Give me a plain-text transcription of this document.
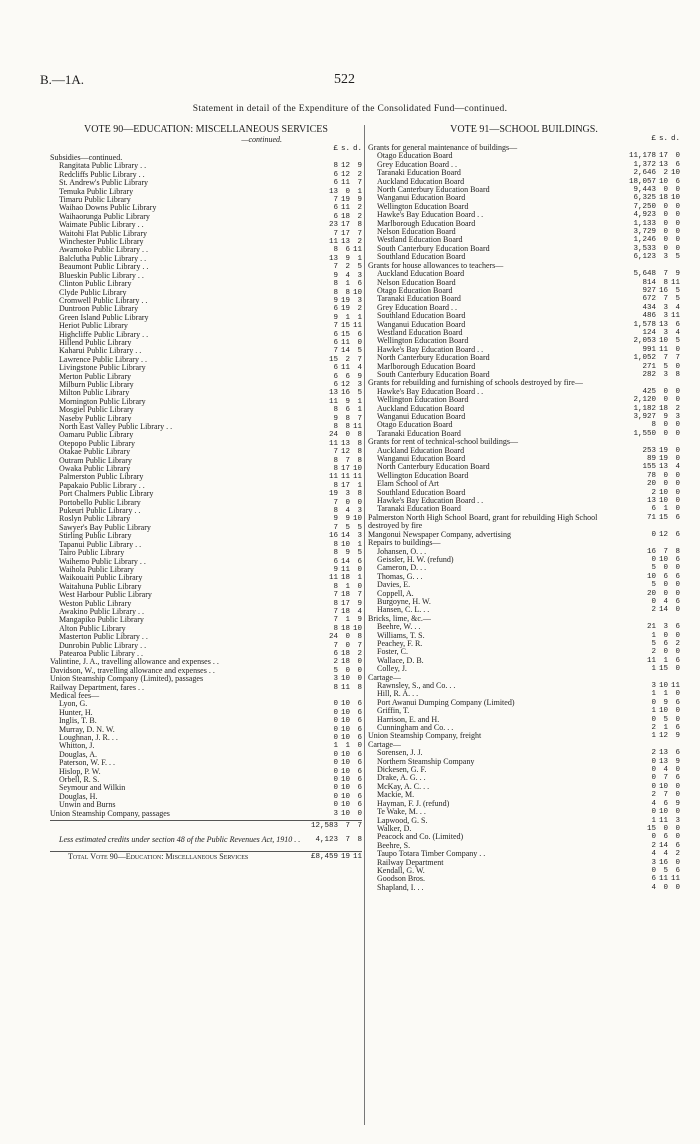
B.—1A.	522
Statement in detail of the Expenditure of the Consolidated Fund—continued.
VOTE 90—EDUCATION: MISCELLANEOUS SERVICES
—continued.
£ s. d.
Subsidies—continued.
Rangitata Public Library . .	8 12 9
Redcliffs Public Library . .	6 12 2
St. Andrew's Public Library	6 11 7
Temuka Public Library	13 0 1
Timaru Public Library	7 19 9
Waihao Downs Public Library	6 11 2
Waihaorunga Public Library	6 18 2
Waimate Public Library . .	23 17 8
Waitohi Flat Public Library	7 17 7
Winchester Public Library	11 13 2
Awamoko Public Library . .	8 6 11
Balclutha Public Library . .	13 9 1
Beaumont Public Library . .	7 2 5
Blueskin Public Library . .	9 4 3
Clinton Public Library	8 1 6
Clyde Public Library	8 8 10
Cromwell Public Library . .	9 19 3
Duntroon Public Library	6 19 2
Green Island Public Library	9 1 1
Heriot Public Library	7 15 11
Highcliffe Public Library . .	6 15 6
Hillend Public Library	6 11 0
Kaharui Public Library . .	7 14 5
Lawrence Public Library . .	15 2 7
Livingstone Public Library	6 11 4
Merton Public Library	6 6 9
Milburn Public Library	6 12 3
Milton Public Library	13 16 5
Mornington Public Library	11 9 1
Mosgiel Public Library	8 6 1
Naseby Public Library	9 8 7
North East Valley Public Library . .	8 8 11
Oamaru Public Library	24 0 8
Otepopo Public Library	11 13 8
Otakae Public Library	7 12 8
Outram Public Library	8 7 8
Owaka Public Library	8 17 10
Palmerston Public Library	11 11 11
Papakaio Public Library . .	8 17 1
Port Chalmers Public Library	19 3 8
Portobello Public Library	7 0 0
Pukeuri Public Library . .	8 4 3
Roslyn Public Library	9 9 10
Sawyer's Bay Public Library	7 5 5
Stirling Public Library	16 14 3
Tapanui Public Library . .	8 10 1
Tairo Public Library	8 9 5
Waihemo Public Library . .	6 14 6
Waihola Public Library	9 11 0
Waikouaiti Public Library	11 18 1
Waitahuna Public Library	8 1 0
West Harbour Public Library	7 18 7
Weston Public Library	8 17 9
Awakino Public Library . .	7 18 4
Mangapiko Public Library	7 1 9
Alton Public Library	8 18 10
Masterton Public Library . .	24 0 8
Dunrobin Public Library . .	7 0 7
Patearoa Public Library . .	6 18 2
Valintine, J. A., travelling allowance and expenses . .	2 18 0
Davidson, W., travelling allowance and expenses . .	5 0 0
Union Steamship Company (Limited), passages	3 10 0
Railway Department, fares . .	8 11 8
Medical fees—
Lyon, G.	0 10 6
Hunter, H.	0 10 6
Inglis, T. B.	0 10 6
Murray, D. N. W.	0 10 6
Loughnan, J. R. . .	0 10 6
Whitton, J.	1 1 0
Douglas, A.	0 10 6
Paterson, W. F. . .	0 10 6
Hislop, P. W.	0 10 6
Orbell, R. S.	0 10 6
Seymour and Wilkin	0 10 6
Douglas, H.	0 10 6
Unwin and Burns	0 10 6
Union Steamship Company, passages	3 10 0
12,583 7 7
Less estimated credits under section 48 of the Public Revenues Act, 1910 . .	4,123 7 8
Total Vote 90—Education: Miscellaneous Services	£8,459 19 11
VOTE 91—SCHOOL BUILDINGS.
£ s. d.
Grants for general maintenance of buildings—
Otago Education Board	11,178 17 0
Grey Education Board . .	1,372 13 6
Taranaki Education Board	2,646 2 10
Auckland Education Board	18,057 10 6
North Canterbury Education Board	9,443 0 0
Wanganui Education Board	6,325 18 10
Wellington Education Board	7,250 0 0
Hawke's Bay Education Board . .	4,923 0 0
Marlborough Education Board	1,133 0 0
Nelson Education Board	3,729 0 0
Westland Education Board	1,246 0 0
South Canterbury Education Board	3,533 0 0
Southland Education Board	6,123 3 5
Grants for house allowances to teachers—
Auckland Education Board	5,648 7 9
Nelson Education Board	814 8 11
Otago Education Board	927 16 5
Taranaki Education Board	672 7 5
Grey Education Board . .	434 3 4
Southland Education Board	486 3 11
Wanganui Education Board	1,578 13 6
Westland Education Board	124 3 4
Wellington Education Board	2,053 10 5
Hawke's Bay Education Board . .	991 11 0
North Canterbury Education Board	1,052 7 7
Marlborough Education Board	271 5 0
South Canterbury Education Board	282 3 8
Grants for rebuilding and furnishing of schools destroyed by fire—
Hawke's Bay Education Board . .	425 0 0
Wellington Education Board	2,120 0 0
Auckland Education Board	1,182 18 2
Wanganui Education Board	3,927 9 3
Otago Education Board	8 0 0
Taranaki Education Board	1,550 0 0
Grants for rent of technical-school buildings—
Auckland Education Board	253 19 0
Wanganui Education Board	89 19 0
North Canterbury Education Board	155 13 4
Wellington Education Board	78 0 0
Elam School of Art	20 0 0
Southland Education Board	2 10 0
Hawke's Bay Education Board . .	13 10 0
Taranaki Education Board	6 1 0
Palmerston North High School Board, grant for rebuilding High School destroyed by fire
71 15 6
Mangonui Newspaper Company, advertising	0 12 6
Repairs to buildings—
Johansen, O. . .	16 7 8
Geissler, H. W. (refund)	0 10 6
Cameron, D. . .	5 0 0
Thomas, G. . .	10 6 6
Davies, E.	5 0 0
Coppell, A.	20 0 0
Burgoyne, H. W.	0 4 6
Hansen, C. L. . .	2 14 0
Bricks, lime, &c.—
Beehre, W. . .	21 3 6
Williams, T. S.	1 0 0
Peachey, F. R.	5 6 2
Foster, C.	2 0 0
Wallace, D. B.	11 1 6
Colley, J.	1 15 0
Cartage—
Rawnsley, S., and Co. . .	3 10 11
Hill, R. A. . .	1 1 0
Port Awanui Dumping Company (Limited)	0 9 6
Griffin, T.	1 10 0
Harrison, E. and H.	0 5 0
Cunningham and Co. . .	2 1 6
Union Steamship Company, freight	1 12 9
Cartage—
Sorensen, J. J.	2 13 6
Northern Steamship Company	0 13 9
Dickesen, G. F.	0 4 0
Drake, A. G. . .	0 7 6
McKay, A. C. . .	0 10 0
Mackie, M.	2 7 0
Hayman, F. J. (refund)	4 6 9
Te Wake, M. . .	0 10 0
Lapwood, G. S.	1 11 3
Walker, D.	15 0 0
Peacock and Co. (Limited)	0 6 0
Beehre, S.	2 14 6
Taupo Totara Timber Company . .	4 4 2
Railway Department	3 16 0
Kendall, G. W.	0 5 6
Goodson Bros.	6 11 11
Shapland, I. . .	4 0 0
